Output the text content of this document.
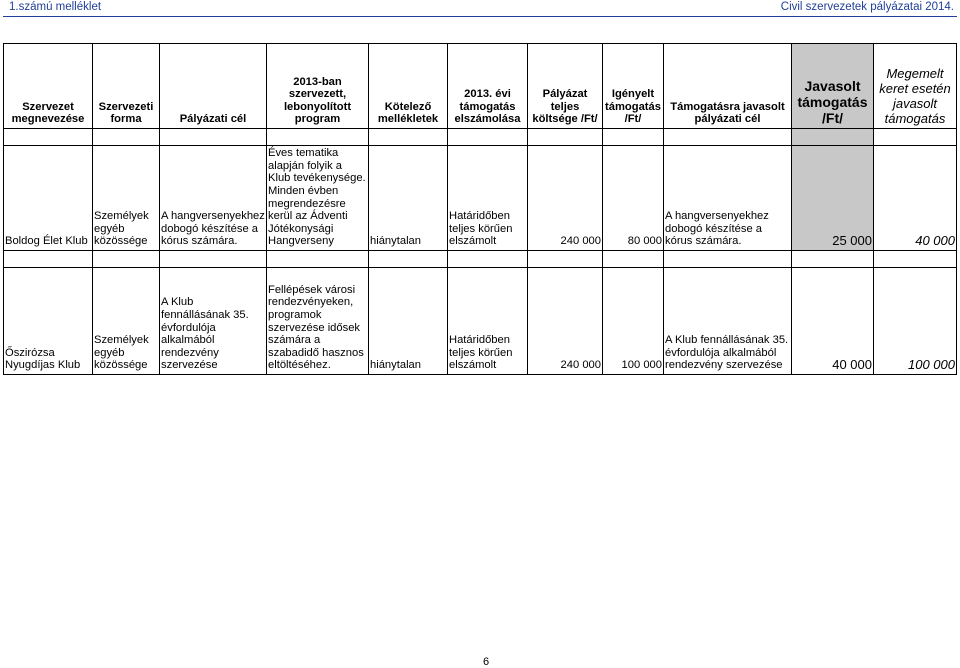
1.számú melléklet	Civil szervezetek pályázatai 2014.
Szervezet megnevezése	Szervezeti forma	Pályázati cél	2013-ban szervezett, lebonyolított program	Kötelező mellékletek	2013. évi támogatás elszámolása	Pályázat teljes költsége /Ft/	Igényelt támogatás /Ft/	Támogatásra javasolt pályázati cél	Javasolt támogatás /Ft/	Megemelt keret esetén javasolt támogatás

Boldog Élet Klub	Személyek egyéb közössége	A hangversenyekhez dobogó készítése a kórus számára.	Éves tematika alapján folyik a Klub tevékenysége. Minden évben megrendezésre kerül az Ádventi Jótékonysági Hangverseny	hiánytalan	Határidőben teljes körűen elszámolt	240 000	80 000	A hangversenyekhez dobogó készítése a kórus számára.	25 000	40 000

Őszirózsa Nyugdíjas Klub	Személyek egyéb közössége	A Klub fennállásának 35. évfordulója alkalmából rendezvény szervezése	Fellépések városi rendezvényeken, programok szervezése idősek számára a szabadidő hasznos eltöltéséhez.	hiánytalan	Határidőben teljes körűen elszámolt	240 000	100 000	A Klub fennállásának 35. évfordulója alkalmából rendezvény szervezése	40 000	100 000
6
